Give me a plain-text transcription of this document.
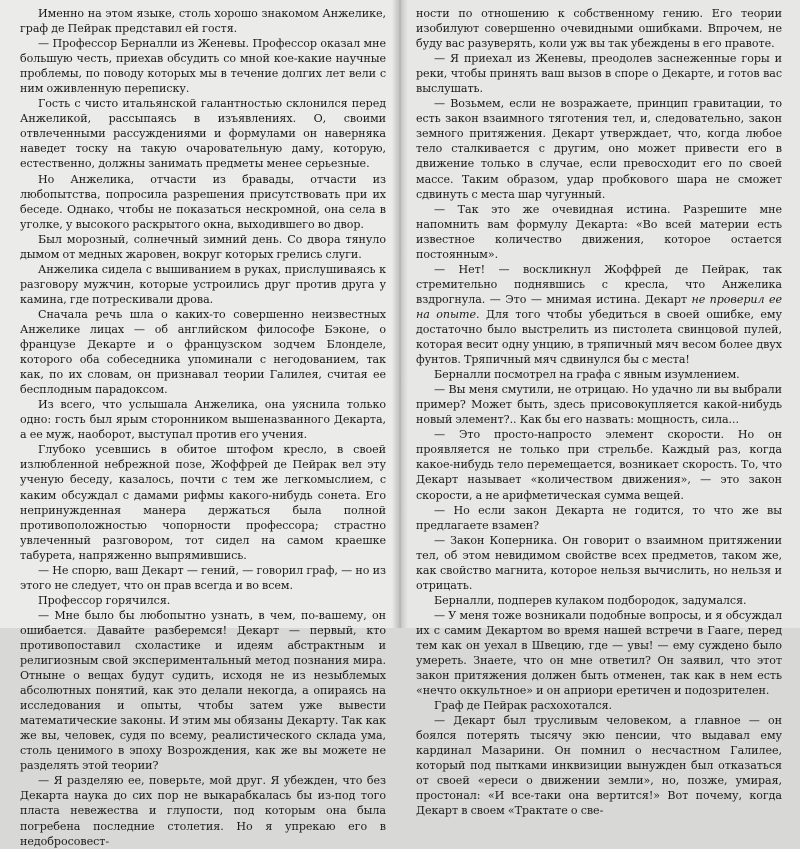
Именно на этом языке, столь хорошо знакомом Анжелике, граф де Пейрак представил ей гостя.

— Профессор Берналли из Женевы. Профессор оказал мне большую честь, приехав обсудить со мной кое-какие научные проблемы, по поводу которых мы в течение долгих лет вели с ним оживленную переписку.

Гость с чисто итальянской галантностью склонился перед Анжеликой, рассыпаясь в изъявлениях. О, своими отвлеченными рассуждениями и формулами он наверняка наведет тоску на такую очаровательную даму, которую, естественно, должны занимать предметы менее серьезные.

Но Анжелика, отчасти из бравады, отчасти из любопытства, попросила разрешения присутствовать при их беседе. Однако, чтобы не показаться нескромной, она села в уголке, у высокого раскрытого окна, выходившего во двор.

Был морозный, солнечный зимний день. Со двора тянуло дымом от медных жаровен, вокруг которых грелись слуги.

Анжелика сидела с вышиванием в руках, прислушиваясь к разговору мужчин, которые устроились друг против друга у камина, где потрескивали дрова.

Сначала речь шла о каких-то совершенно неизвестных Анжелике лицах — об английском философе Бэконе, о французе Декарте и о французском зодчем Блонделе, которого оба собеседника упоминали с негодованием, так как, по их словам, он признавал теории Галилея, считая ее бесплодным парадоксом.

Из всего, что услышала Анжелика, она уяснила только одно: гость был ярым сторонником вышеназванного Декарта, а ее муж, наоборот, выступал против его учения.

Глубоко усевшись в обитое штофом кресло, в своей излюбленной небрежной позе, Жоффрей де Пейрак вел эту ученую беседу, казалось, почти с тем же легкомыслием, с каким обсуждал с дамами рифмы какого-нибудь сонета. Его непринужденная манера держаться была полной противоположностью чопорности профессора; страстно увлеченный разговором, тот сидел на самом краешке табурета, напряженно выпрямившись.

— Не спорю, ваш Декарт — гений, — говорил граф, — но из этого не следует, что он прав всегда и во всем.

Профессор горячился.

— Мне было бы любопытно узнать, в чем, по-вашему, он ошибается. Давайте разберемся! Декарт — первый, кто противопоставил схоластике и идеям абстрактным и религиозным свой экспериментальный метод познания мира. Отныне о вещах будут судить, исходя не из незыблемых абсолютных понятий, как это делали некогда, а опираясь на исследования и опыты, чтобы затем уже вывести математические законы. И этим мы обязаны Декарту. Так как же вы, человек, судя по всему, реалистического склада ума, столь ценимого в эпоху Возрождения, как же вы можете не разделять этой теории?

— Я разделяю ее, поверьте, мой друг. Я убежден, что без Декарта наука до сих пор не выкарабкалась бы из-под того пласта невежества и глупости, под которым она была погребена последние столетия. Но я упрекаю его в недобросовест-

ности по отношению к собственному гению. Его теории изобилуют совершенно очевидными ошибками. Впрочем, не буду вас разуверять, коли уж вы так убеждены в его правоте.

— Я приехал из Женевы, преодолев заснеженные горы и реки, чтобы принять ваш вызов в споре о Декарте, и готов вас выслушать.

— Возьмем, если не возражаете, принцип гравитации, то есть закон взаимного тяготения тел, и, следовательно, закон земного притяжения. Декарт утверждает, что, когда любое тело сталкивается с другим, оно может привести его в движение только в случае, если превосходит его по своей массе. Таким образом, удар пробкового шара не сможет сдвинуть с места шар чугунный.

— Так это же очевидная истина. Разрешите мне напомнить вам формулу Декарта: «Во всей материи есть известное количество движения, которое остается постоянным».

— Нет! — воскликнул Жоффрей де Пейрак, так стремительно поднявшись с кресла, что Анжелика вздрогнула. — Это — мнимая истина. Декарт не проверил ее на опыте. Для того чтобы убедиться в своей ошибке, ему достаточно было выстрелить из пистолета свинцовой пулей, которая весит одну унцию, в тряпичный мяч весом более двух фунтов. Тряпичный мяч сдвинулся бы с места!

Берналли посмотрел на графа с явным изумлением.

— Вы меня смутили, не отрицаю. Но удачно ли вы выбрали пример? Может быть, здесь присовокупляется какой-нибудь новый элемент?.. Как бы его назвать: мощность, сила...

— Это просто-напросто элемент скорости. Но он проявляется не только при стрельбе. Каждый раз, когда какое-нибудь тело перемещается, возникает скорость. То, что Декарт называет «количеством движения», — это закон скорости, а не арифметическая сумма вещей.

— Но если закон Декарта не годится, то что же вы предлагаете взамен?

— Закон Коперника. Он говорит о взаимном притяжении тел, об этом невидимом свойстве всех предметов, таком же, как свойство магнита, которое нельзя вычислить, но нельзя и отрицать.

Берналли, подперев кулаком подбородок, задумался.

— У меня тоже возникали подобные вопросы, и я обсуждал их с самим Декартом во время нашей встречи в Гааге, перед тем как он уехал в Швецию, где — увы! — ему суждено было умереть. Знаете, что он мне ответил? Он заявил, что этот закон притяжения должен быть отменен, так как в нем есть «нечто оккультное» и он априори еретичен и подозрителен.

Граф де Пейрак расхохотался.

— Декарт был трусливым человеком, а главное — он боялся потерять тысячу экю пенсии, что выдавал ему кардинал Мазарини. Он помнил о несчастном Галилее, который под пытками инквизиции вынужден был отказаться от своей «ереси о движении земли», но, позже, умирая, простонал: «И все-таки она вертится!» Вот почему, когда Декарт в своем «Трактате о све-
